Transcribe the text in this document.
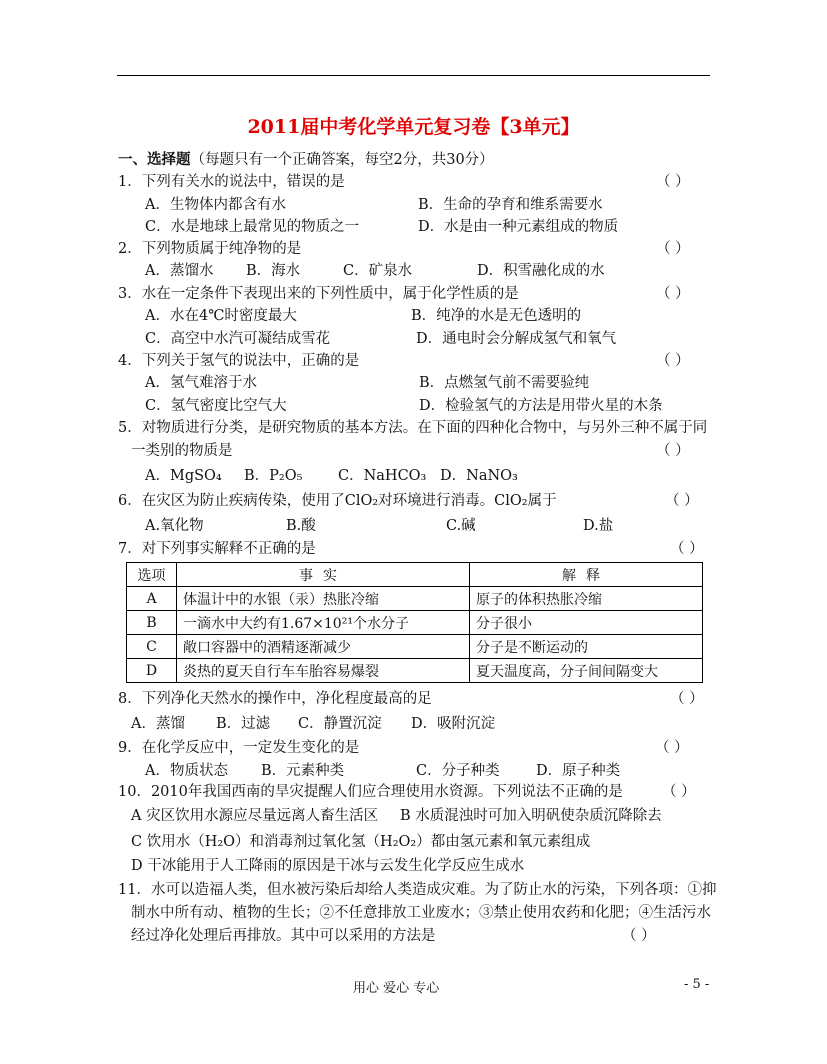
2011届中考化学单元复习卷【3单元】
一、选择题（每题只有一个正确答案，每空2分，共30分）
1．下列有关水的说法中，错误的是	（ ）
A．生物体内都含有水	B．生命的孕育和维系需要水
C．水是地球上最常见的物质之一	D．水是由一种元素组成的物质
2．下列物质属于纯净物的是	（ ）
A．蒸馏水 B．海水	C．矿泉水	D．积雪融化成的水
3．水在一定条件下表现出来的下列性质中，属于化学性质的是	（ ）
A．水在4℃时密度最大	B．纯净的水是无色透明的
C．高空中水汽可凝结成雪花	D．通电时会分解成氢气和氧气
4．下列关于氢气的说法中，正确的是	（ ）
A．氢气难溶于水	B．点燃氢气前不需要验纯
C．氢气密度比空气大	D．检验氢气的方法是用带火星的木条
5．对物质进行分类，是研究物质的基本方法。在下面的四种化合物中，与另外三种不属于同
一类别的物质是	（ ）
A．MgSO₄ B．P₂O₅ C．NaHCO₃ D．NaNO₃
6．在灾区为防止疾病传染，使用了ClO₂对环境进行消毒。ClO₂属于	（ ）
A.氧化物	B.酸	C.碱	D.盐
7．对下列事实解释不正确的是	（ ）
选项	事实	解释
A	体温计中的水银（汞）热胀冷缩	原子的体积热胀冷缩
B	一滴水中大约有1.67×10²¹个水分子	分子很小
C	敞口容器中的酒精逐渐减少	分子是不断运动的
D	炎热的夏天自行车车胎容易爆裂	夏天温度高，分子间间隔变大
8．下列净化天然水的操作中，净化程度最高的足	（ ）
A．蒸馏 B．过滤 C．静置沉淀 D．吸附沉淀
9．在化学反应中，一定发生变化的是	（ ）
A．物质状态 B．元素种类	C．分子种类	D．原子种类
10．2010年我国西南的旱灾提醒人们应合理使用水资源。下列说法不正确的是	（ ）
A 灾区饮用水源应尽量远离人畜生活区 B 水质混浊时可加入明矾使杂质沉降除去
C 饮用水（H₂O）和消毒剂过氧化氢（H₂O₂）都由氢元素和氧元素组成
D 干冰能用于人工降雨的原因是干冰与云发生化学反应生成水
11．水可以造福人类，但水被污染后却给人类造成灾难。为了防止水的污染，下列各项：①抑
制水中所有动、植物的生长；②不任意排放工业废水；③禁止使用农药和化肥；④生活污水
经过净化处理后再排放。其中可以采用的方法是	（ ）
用心 爱心 专心	- 5 -
